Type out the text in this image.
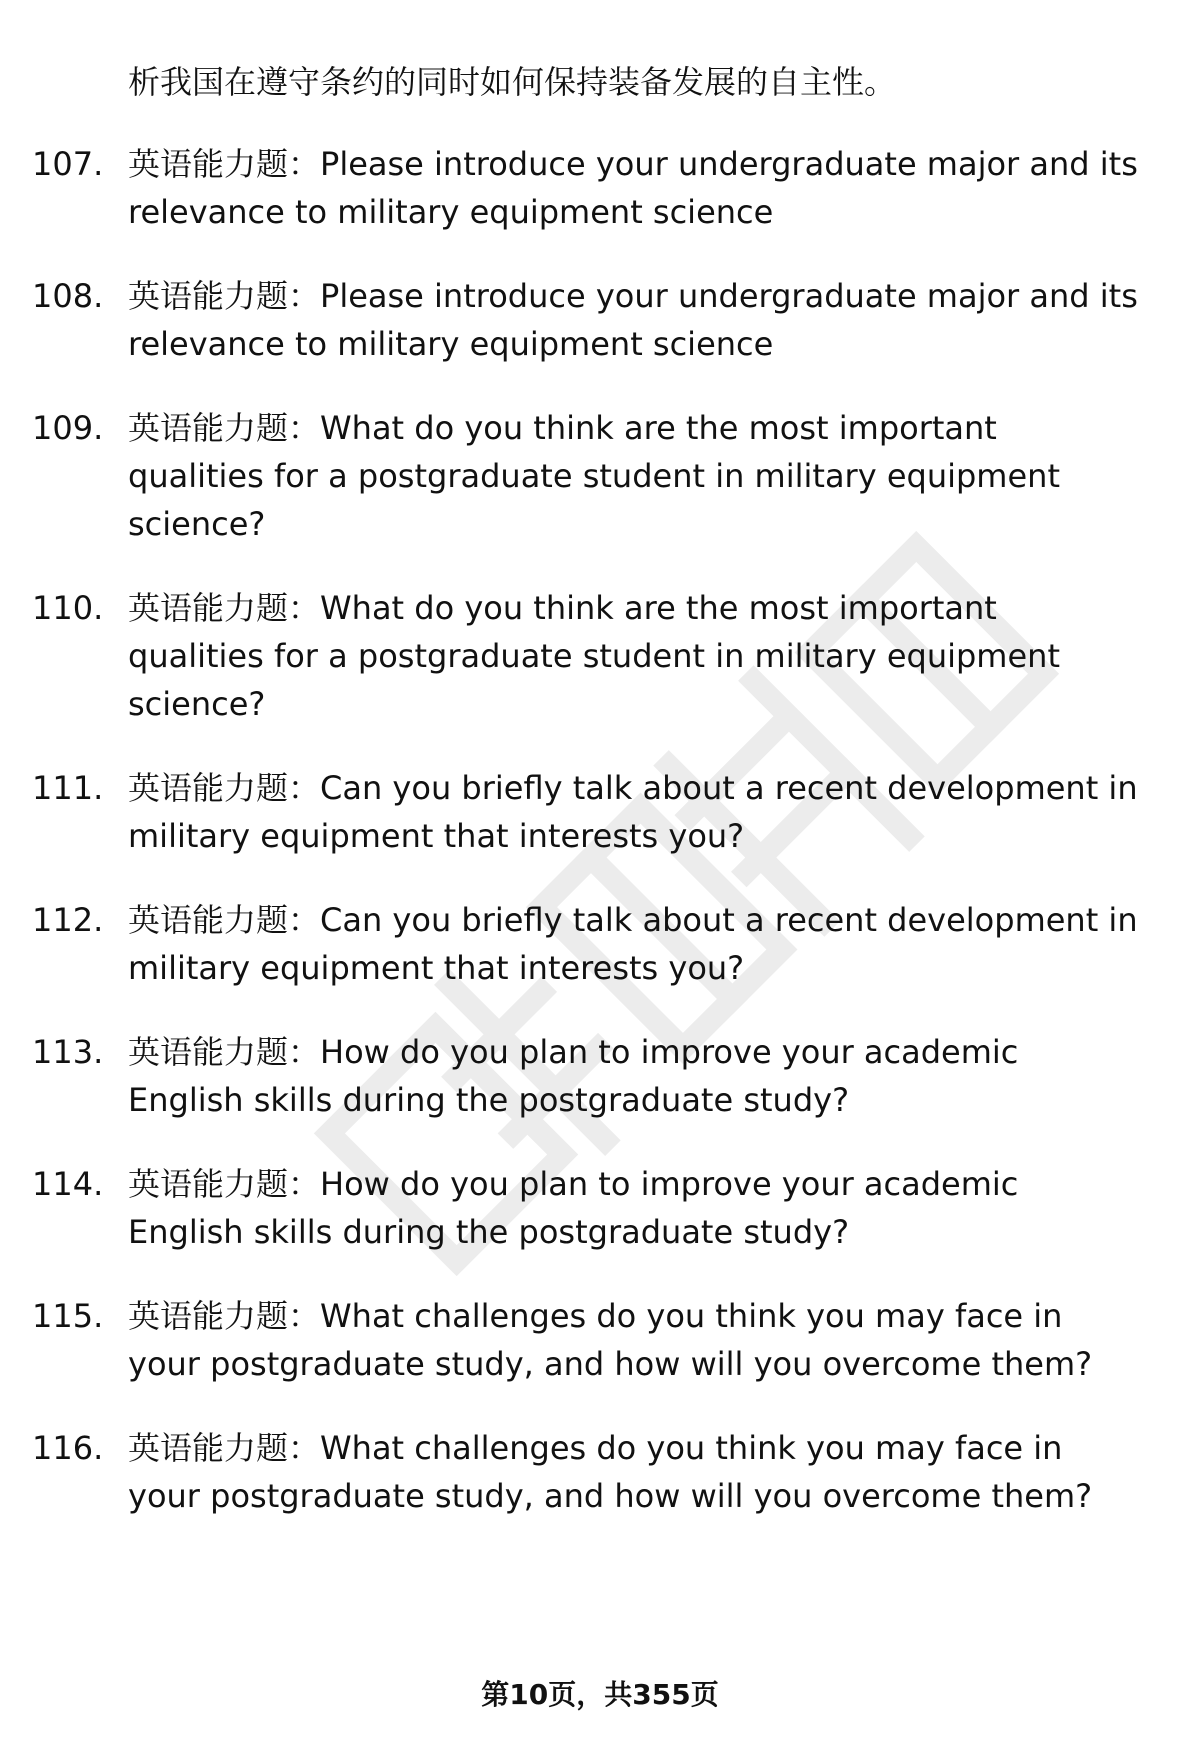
析我国在遵守条约的同时如何保持装备发展的自主性。
107. 英语能力题：Please introduce your undergraduate major and its relevance to military equipment science
108. 英语能力题：Please introduce your undergraduate major and its relevance to military equipment science
109. 英语能力题：What do you think are the most important qualities for a postgraduate student in military equipment science?
110. 英语能力题：What do you think are the most important qualities for a postgraduate student in military equipment science?
111. 英语能力题：Can you briefly talk about a recent development in military equipment that interests you?
112. 英语能力题：Can you briefly talk about a recent development in military equipment that interests you?
113. 英语能力题：How do you plan to improve your academic English skills during the postgraduate study?
114. 英语能力题：How do you plan to improve your academic English skills during the postgraduate study?
115. 英语能力题：What challenges do you think you may face in your postgraduate study, and how will you overcome them?
116. 英语能力题：What challenges do you think you may face in your postgraduate study, and how will you overcome them?
第10页，共355页
